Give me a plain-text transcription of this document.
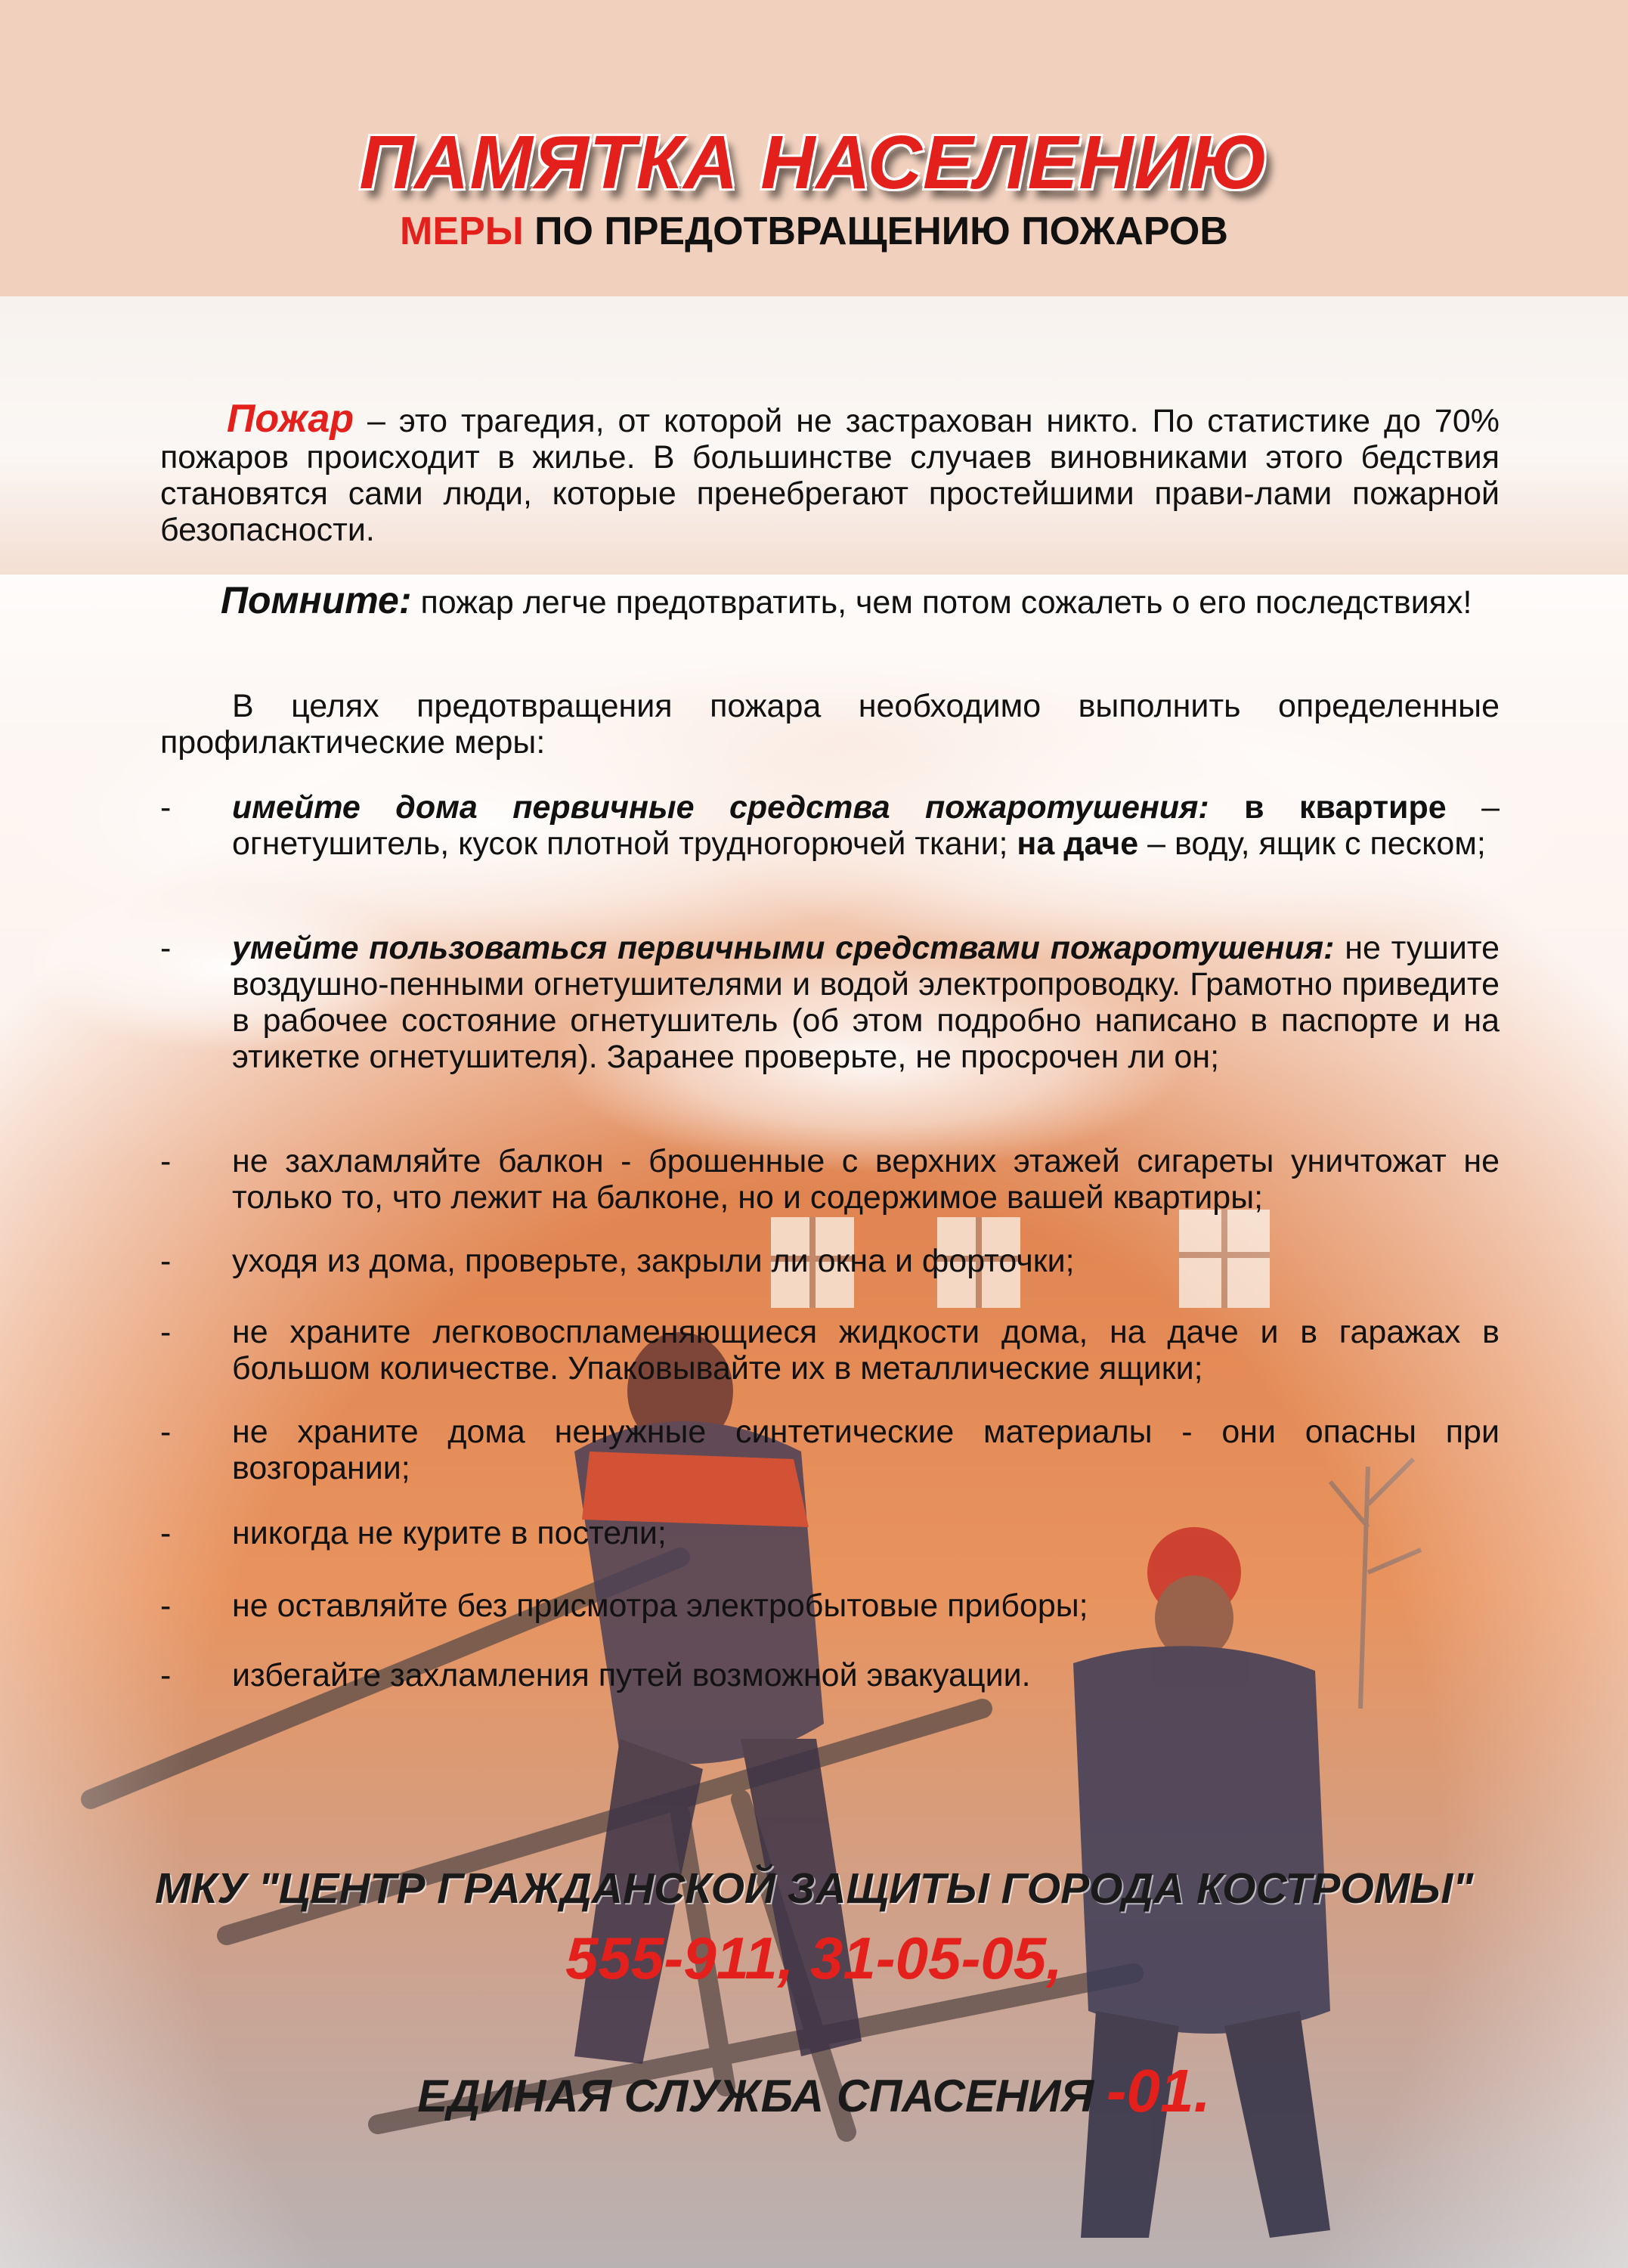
ПАМЯТКА НАСЕЛЕНИЮ
МЕРЫ ПО ПРЕДОТВРАЩЕНИЮ ПОЖАРОВ
Пожар – это трагедия, от которой не застрахован никто. По статистике до 70% пожаров происходит в жилье. В большинстве случаев виновниками этого бедствия становятся сами люди, которые пренебрегают простейшими прави-лами пожарной безопасности.
Помните: пожар легче предотвратить, чем потом сожалеть о его последствиях!
В целях предотвращения пожара необходимо выполнить определенные профилактические меры:
- имейте дома первичные средства пожаротушения: в квартире – огнетушитель, кусок плотной трудногорючей ткани; на даче – воду, ящик с песком;
- умейте пользоваться первичными средствами пожаротушения: не тушите воздушно-пенными огнетушителями и водой электропроводку. Грамотно приведите в рабочее состояние огнетушитель (об этом подробно написано в паспорте и на этикетке огнетушителя). Заранее проверьте, не просрочен ли он;
- не захламляйте балкон - брошенные с верхних этажей сигареты уничтожат не только то, что лежит на балконе, но и содержимое вашей квартиры;
- уходя из дома, проверьте, закрыли ли окна и форточки;
- не храните легковоспламеняющиеся жидкости дома, на даче и в гаражах в большом количестве. Упаковывайте их в металлические ящики;
- не храните дома ненужные синтетические материалы - они опасны при возгорании;
- никогда не курите в постели;
- не оставляйте без присмотра электробытовые приборы;
- избегайте захламления путей возможной эвакуации.
МКУ "ЦЕНТР ГРАЖДАНСКОЙ ЗАЩИТЫ ГОРОДА КОСТРОМЫ"
555-911, 31-05-05,
ЕДИНАЯ СЛУЖБА СПАСЕНИЯ -01.
